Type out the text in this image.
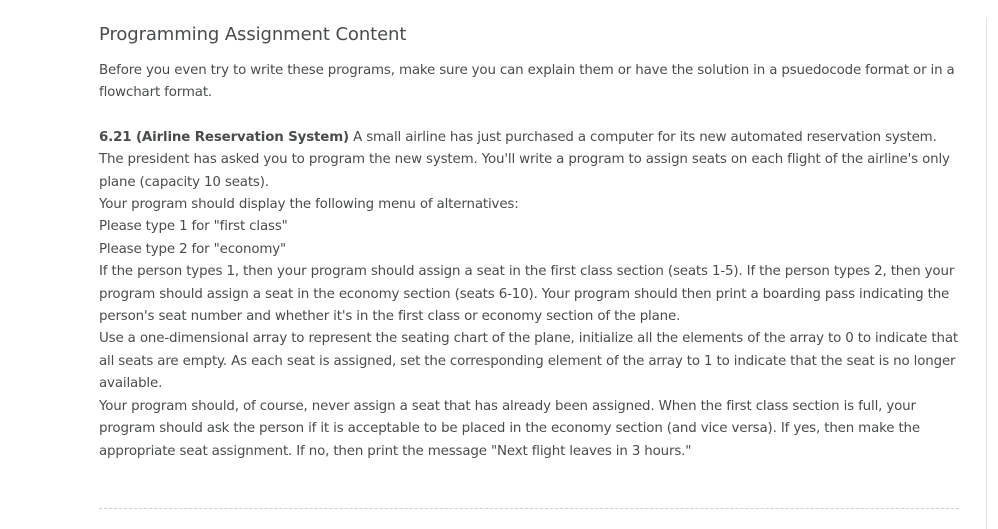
Programming Assignment Content

Before you even try to write these programs, make sure you can explain them or have the solution in a psuedocode format or in a flowchart format.

6.21 (Airline Reservation System) A small airline has just purchased a computer for its new automated reservation system. The president has asked you to program the new system. You'll write a program to assign seats on each flight of the airline's only plane (capacity 10 seats).

Your program should display the following menu of alternatives:

Please type 1 for "first class"

Please type 2 for "economy"

If the person types 1, then your program should assign a seat in the first class section (seats 1-5). If the person types 2, then your program should assign a seat in the economy section (seats 6-10). Your program should then print a boarding pass indicating the person's seat number and whether it's in the first class or economy section of the plane.

Use a one-dimensional array to represent the seating chart of the plane, initialize all the elements of the array to 0 to indicate that all seats are empty. As each seat is assigned, set the corresponding element of the array to 1 to indicate that the seat is no longer available.

Your program should, of course, never assign a seat that has already been assigned. When the first class section is full, your program should ask the person if it is acceptable to be placed in the economy section (and vice versa). If yes, then make the appropriate seat assignment. If no, then print the message "Next flight leaves in 3 hours."
